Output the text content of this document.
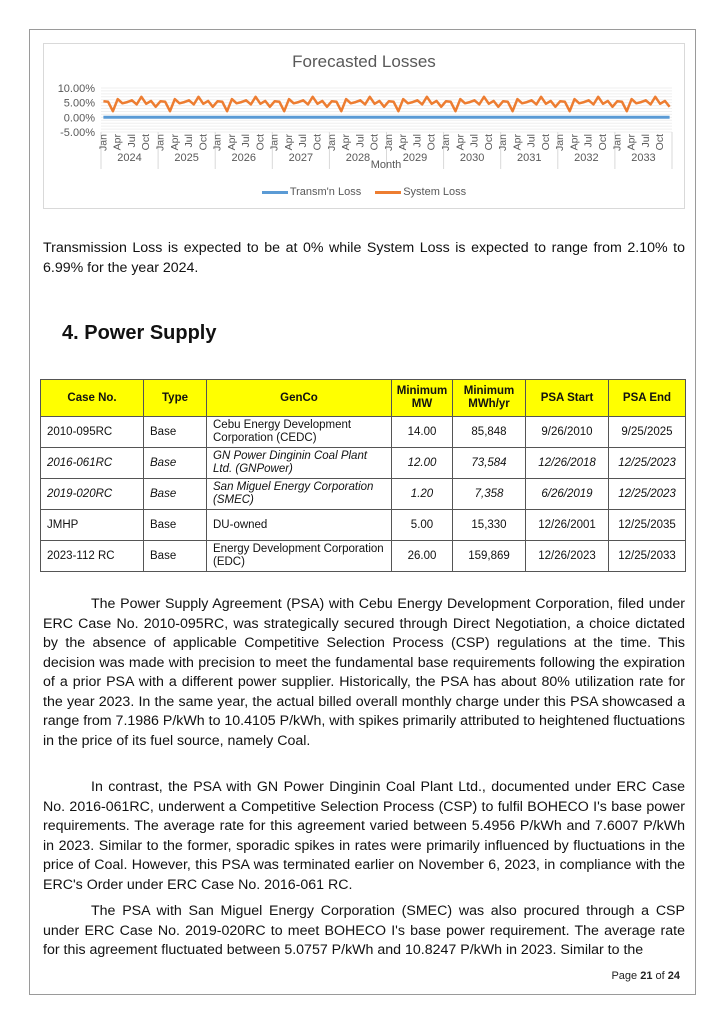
Forecasted Losses
10.00%
5.00%
0.00%
-5.00%
2024
Jan Apr Jul Oct
2025
Jan Apr Jul Oct
2026
Jan Apr Jul Oct
2027
Jan Apr Jul Oct
2028
Jan Apr Jul Oct
2029
Jan Apr Jul Oct
2030
Jan Apr Jul Oct
2031
Jan Apr Jul Oct
2032
Jan Apr Jul Oct
2033
Jan Apr Jul Oct
Month
Transm'n Loss	System Loss
Transmission Loss is expected to be at 0% while System Loss is expected to range from 2.10% to 6.99% for the year 2024.
4. Power Supply
Case No.	Type	GenCo	Minimum MW	Minimum MWh/yr	PSA Start	PSA End
2010-095RC	Base	Cebu Energy Development Corporation (CEDC)	14.00	85,848	9/26/2010	9/25/2025
2016-061RC	Base	GN Power Dinginin Coal Plant Ltd. (GNPower)	12.00	73,584	12/26/2018	12/25/2023
2019-020RC	Base	San Miguel Energy Corporation (SMEC)	1.20	7,358	6/26/2019	12/25/2023
JMHP	Base	DU-owned	5.00	15,330	12/26/2001	12/25/2035
2023-112 RC	Base	Energy Development Corporation (EDC)	26.00	159,869	12/26/2023	12/25/2033
The Power Supply Agreement (PSA) with Cebu Energy Development Corporation, filed under ERC Case No. 2010-095RC, was strategically secured through Direct Negotiation, a choice dictated by the absence of applicable Competitive Selection Process (CSP) regulations at the time. This decision was made with precision to meet the fundamental base requirements following the expiration of a prior PSA with a different power supplier. Historically, the PSA has about 80% utilization rate for the year 2023. In the same year, the actual billed overall monthly charge under this PSA showcased a range from 7.1986 P/kWh to 10.4105 P/kWh, with spikes primarily attributed to heightened fluctuations in the price of its fuel source, namely Coal.
In contrast, the PSA with GN Power Dinginin Coal Plant Ltd., documented under ERC Case No. 2016-061RC, underwent a Competitive Selection Process (CSP) to fulfil BOHECO I's base power requirements. The average rate for this agreement varied between 5.4956 P/kWh and 7.6007 P/kWh in 2023. Similar to the former, sporadic spikes in rates were primarily influenced by fluctuations in the price of Coal. However, this PSA was terminated earlier on November 6, 2023, in compliance with the ERC's Order under ERC Case No. 2016-061 RC.
The PSA with San Miguel Energy Corporation (SMEC) was also procured through a CSP under ERC Case No. 2019-020RC to meet BOHECO I's base power requirement. The average rate for this agreement fluctuated between 5.0757 P/kWh and 10.8247 P/kWh in 2023. Similar to the
Page 21 of 24
